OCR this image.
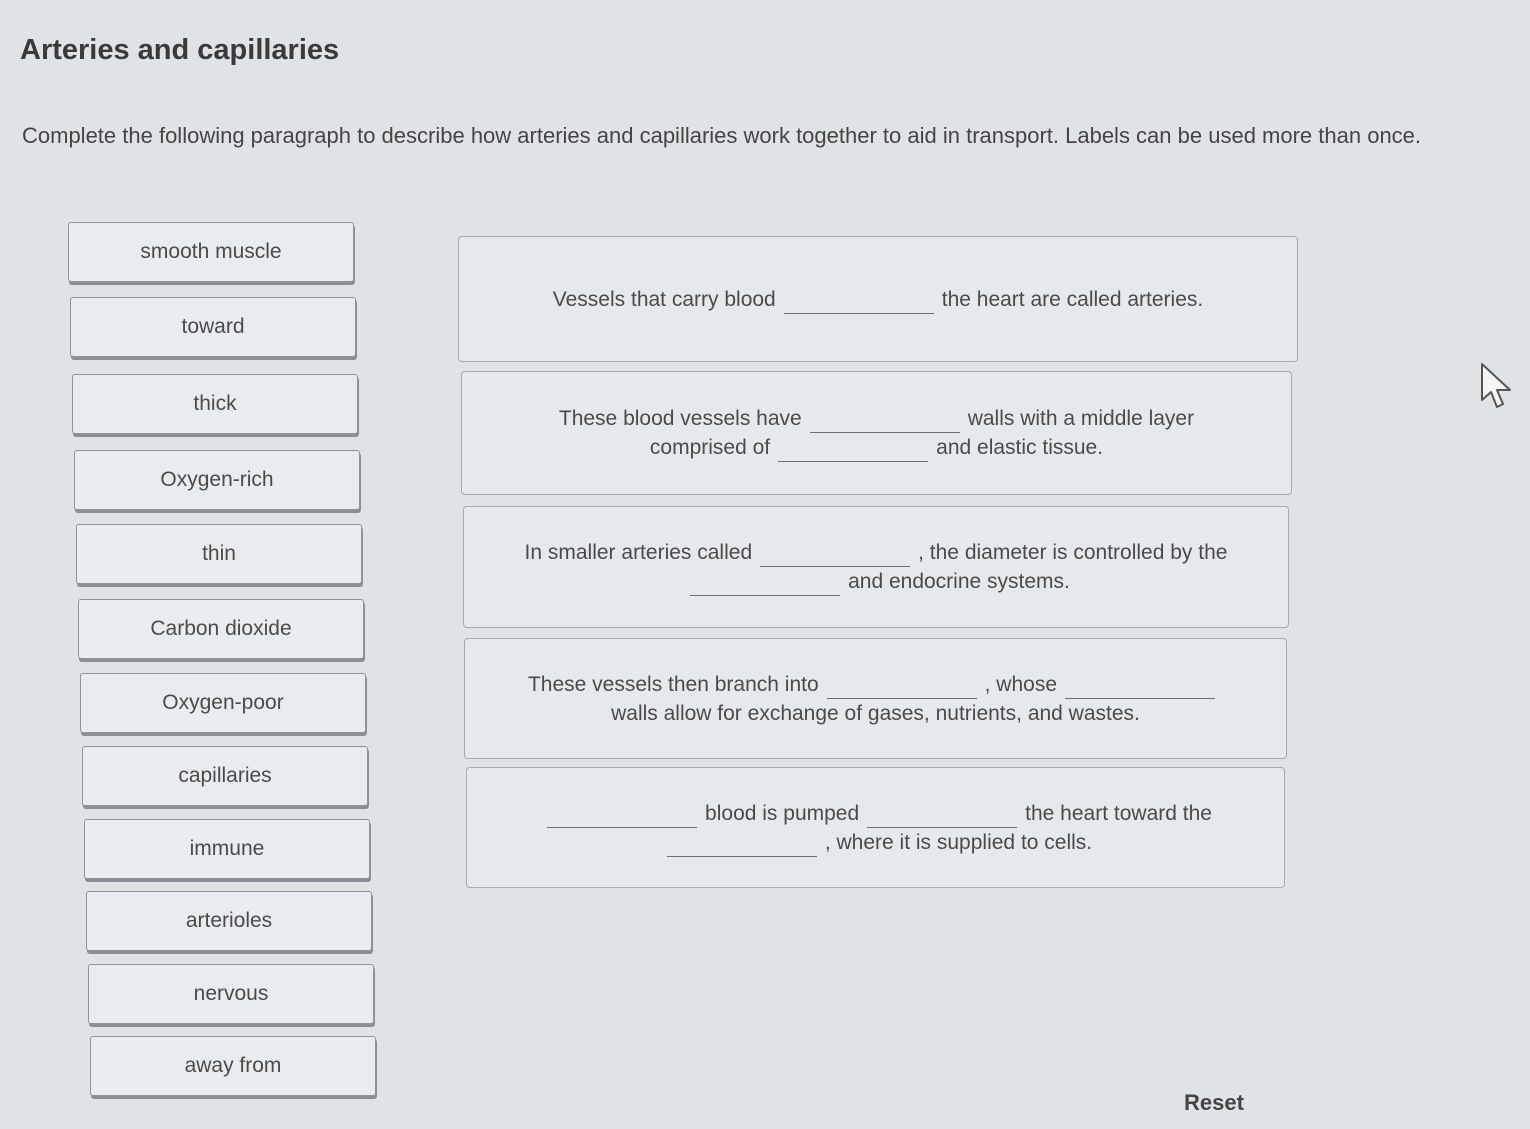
Arteries and capillaries
Complete the following paragraph to describe how arteries and capillaries work together to aid in transport. Labels can be used more than once.
smooth muscle
toward
thick
Oxygen-rich
thin
Carbon dioxide
Oxygen-poor
capillaries
immune
arterioles
nervous
away from
Vessels that carry blood	the heart are called arteries.
These blood vessels have	walls with a middle layer
comprised of	and elastic tissue.
In smaller arteries called	, the diameter is controlled by the
and endocrine systems.
These vessels then branch into	, whose
walls allow for exchange of gases, nutrients, and wastes.
blood is pumped	the heart toward the
, where it is supplied to cells.
Reset
